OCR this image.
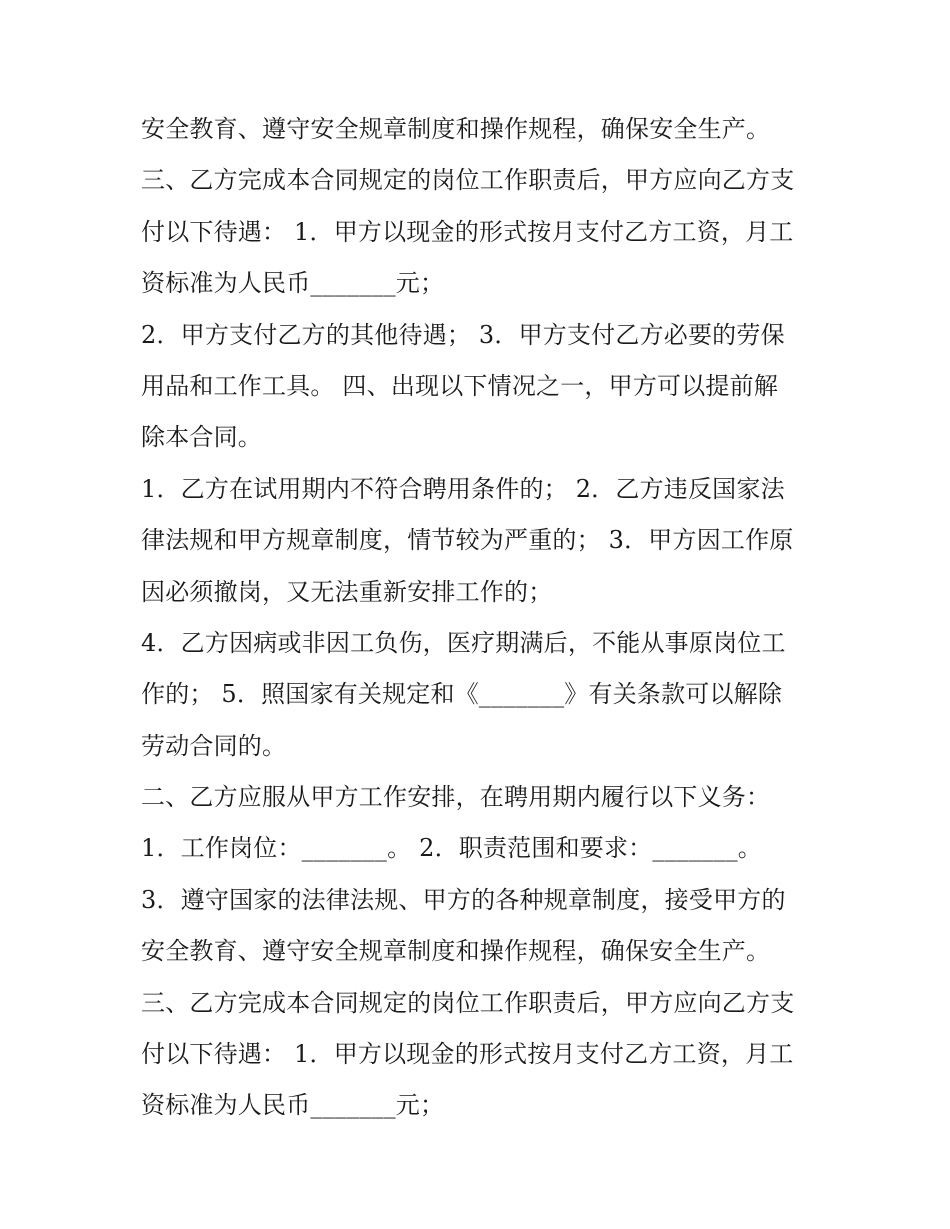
安全教育、遵守安全规章制度和操作规程，确保安全生产。
三、乙方完成本合同规定的岗位工作职责后，甲方应向乙方支
付以下待遇： 1．甲方以现金的形式按月支付乙方工资，月工
资标准为人民币_______元；
2．甲方支付乙方的其他待遇； 3．甲方支付乙方必要的劳保
用品和工作工具。 四、出现以下情况之一，甲方可以提前解
除本合同。
1．乙方在试用期内不符合聘用条件的； 2．乙方违反国家法
律法规和甲方规章制度，情节较为严重的； 3．甲方因工作原
因必须撤岗，又无法重新安排工作的；
4．乙方因病或非因工负伤，医疗期满后，不能从事原岗位工
作的； 5．照国家有关规定和《_______》有关条款可以解除
劳动合同的。
二、乙方应服从甲方工作安排，在聘用期内履行以下义务：
1．工作岗位：_______。 2．职责范围和要求：_______。
3．遵守国家的法律法规、甲方的各种规章制度，接受甲方的
安全教育、遵守安全规章制度和操作规程，确保安全生产。
三、乙方完成本合同规定的岗位工作职责后，甲方应向乙方支
付以下待遇： 1．甲方以现金的形式按月支付乙方工资，月工
资标准为人民币_______元；
